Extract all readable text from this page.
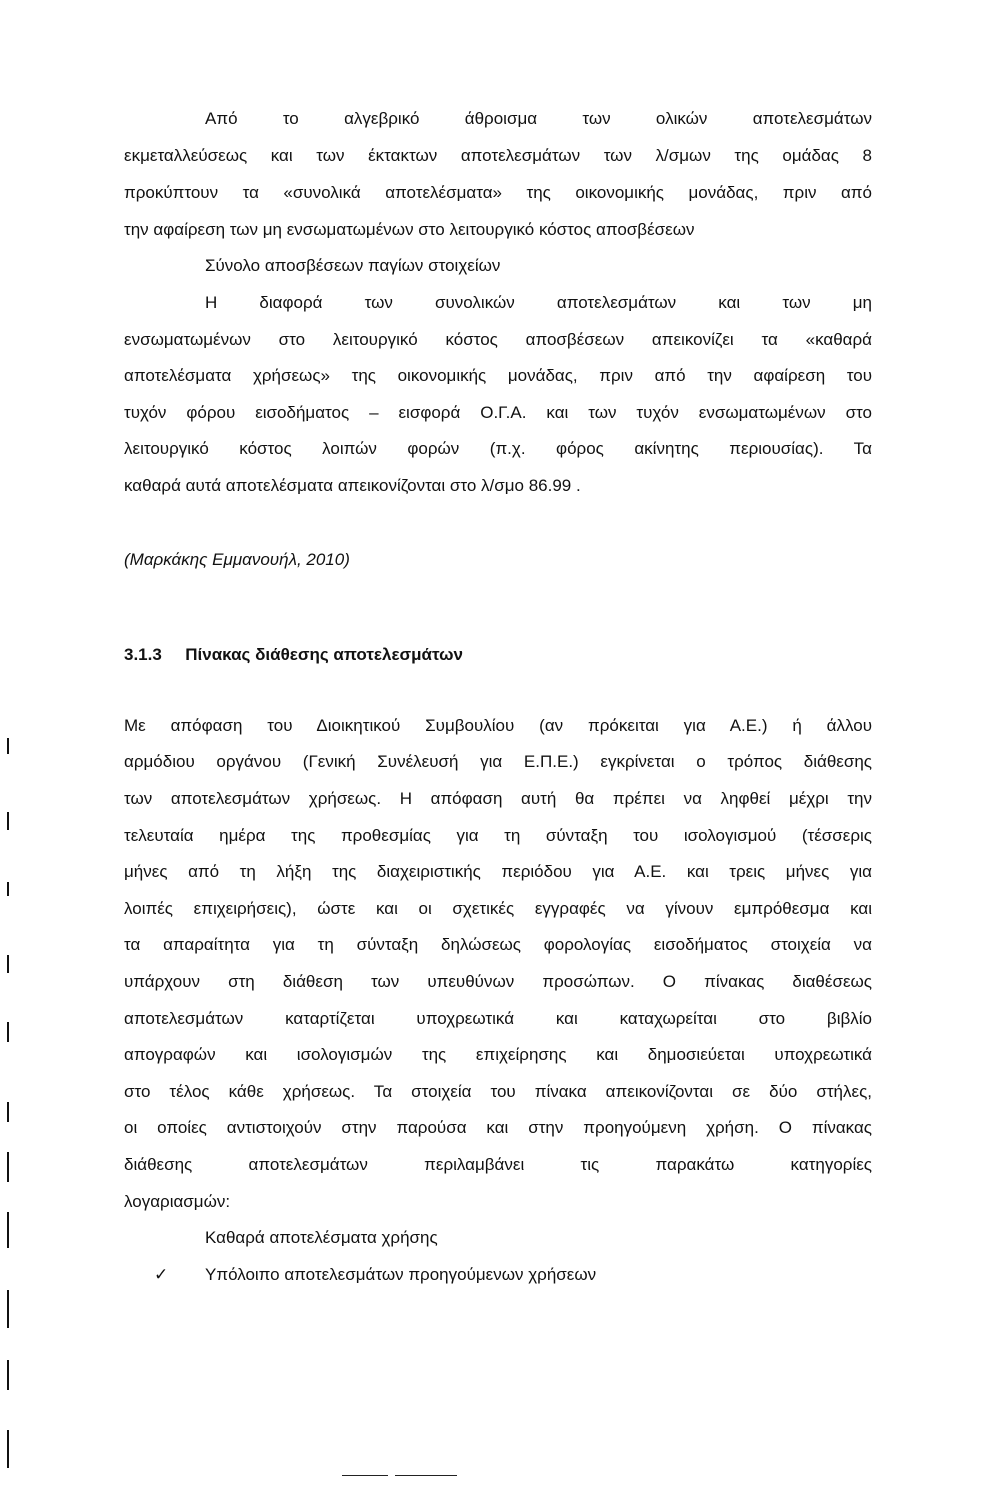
Από το αλγεβρικό άθροισμα των ολικών αποτελεσμάτων

εκμεταλλεύσεως και των έκτακτων αποτελεσμάτων των λ/σμων της ομάδας 8

προκύπτουν τα «συνολικά αποτελέσματα» της οικονομικής μονάδας, πριν από

την αφαίρεση των μη ενσωματωμένων στο λειτουργικό κόστος αποσβέσεων

Σύνολο αποσβέσεων παγίων στοιχείων

Η διαφορά των συνολικών αποτελεσμάτων και των μη

ενσωματωμένων στο λειτουργικό κόστος αποσβέσεων απεικονίζει τα «καθαρά

αποτελέσματα χρήσεως» της οικονομικής μονάδας, πριν από την αφαίρεση του

τυχόν φόρου εισοδήματος – εισφορά Ο.Γ.Α. και των τυχόν ενσωματωμένων στο

λειτουργικό κόστος λοιπών φορών (π.χ. φόρος ακίνητης περιουσίας). Τα

καθαρά αυτά αποτελέσματα απεικονίζονται στο λ/σμο 86.99 .

(Μαρκάκης Εμμανουήλ, 2010)

3.1.3 Πίνακας διάθεσης αποτελεσμάτων

Με απόφαση του Διοικητικού Συμβουλίου (αν πρόκειται για Α.Ε.) ή άλλου

αρμόδιου οργάνου (Γενική Συνέλευσή για Ε.Π.Ε.) εγκρίνεται ο τρόπος διάθεσης

των αποτελεσμάτων χρήσεως. Η απόφαση αυτή θα πρέπει να ληφθεί μέχρι την

τελευταία ημέρα της προθεσμίας για τη σύνταξη του ισολογισμού (τέσσερις

μήνες από τη λήξη της διαχειριστικής περιόδου για Α.Ε. και τρεις μήνες για

λοιπές επιχειρήσεις), ώστε και οι σχετικές εγγραφές να γίνουν εμπρόθεσμα και

τα απαραίτητα για τη σύνταξη δηλώσεως φορολογίας εισοδήματος στοιχεία να

υπάρχουν στη διάθεση των υπευθύνων προσώπων. Ο πίνακας διαθέσεως

αποτελεσμάτων καταρτίζεται υποχρεωτικά και καταχωρείται στο βιβλίο

απογραφών και ισολογισμών της επιχείρησης και δημοσιεύεται υποχρεωτικά

στο τέλος κάθε χρήσεως. Τα στοιχεία του πίνακα απεικονίζονται σε δύο στήλες,

οι οποίες αντιστοιχούν στην παρούσα και στην προηγούμενη χρήση. Ο πίνακας

διάθεσης αποτελεσμάτων περιλαμβάνει τις παρακάτω κατηγορίες

λογαριασμών:

Καθαρά αποτελέσματα χρήσης

✓ Υπόλοιπο αποτελεσμάτων προηγούμενων χρήσεων
